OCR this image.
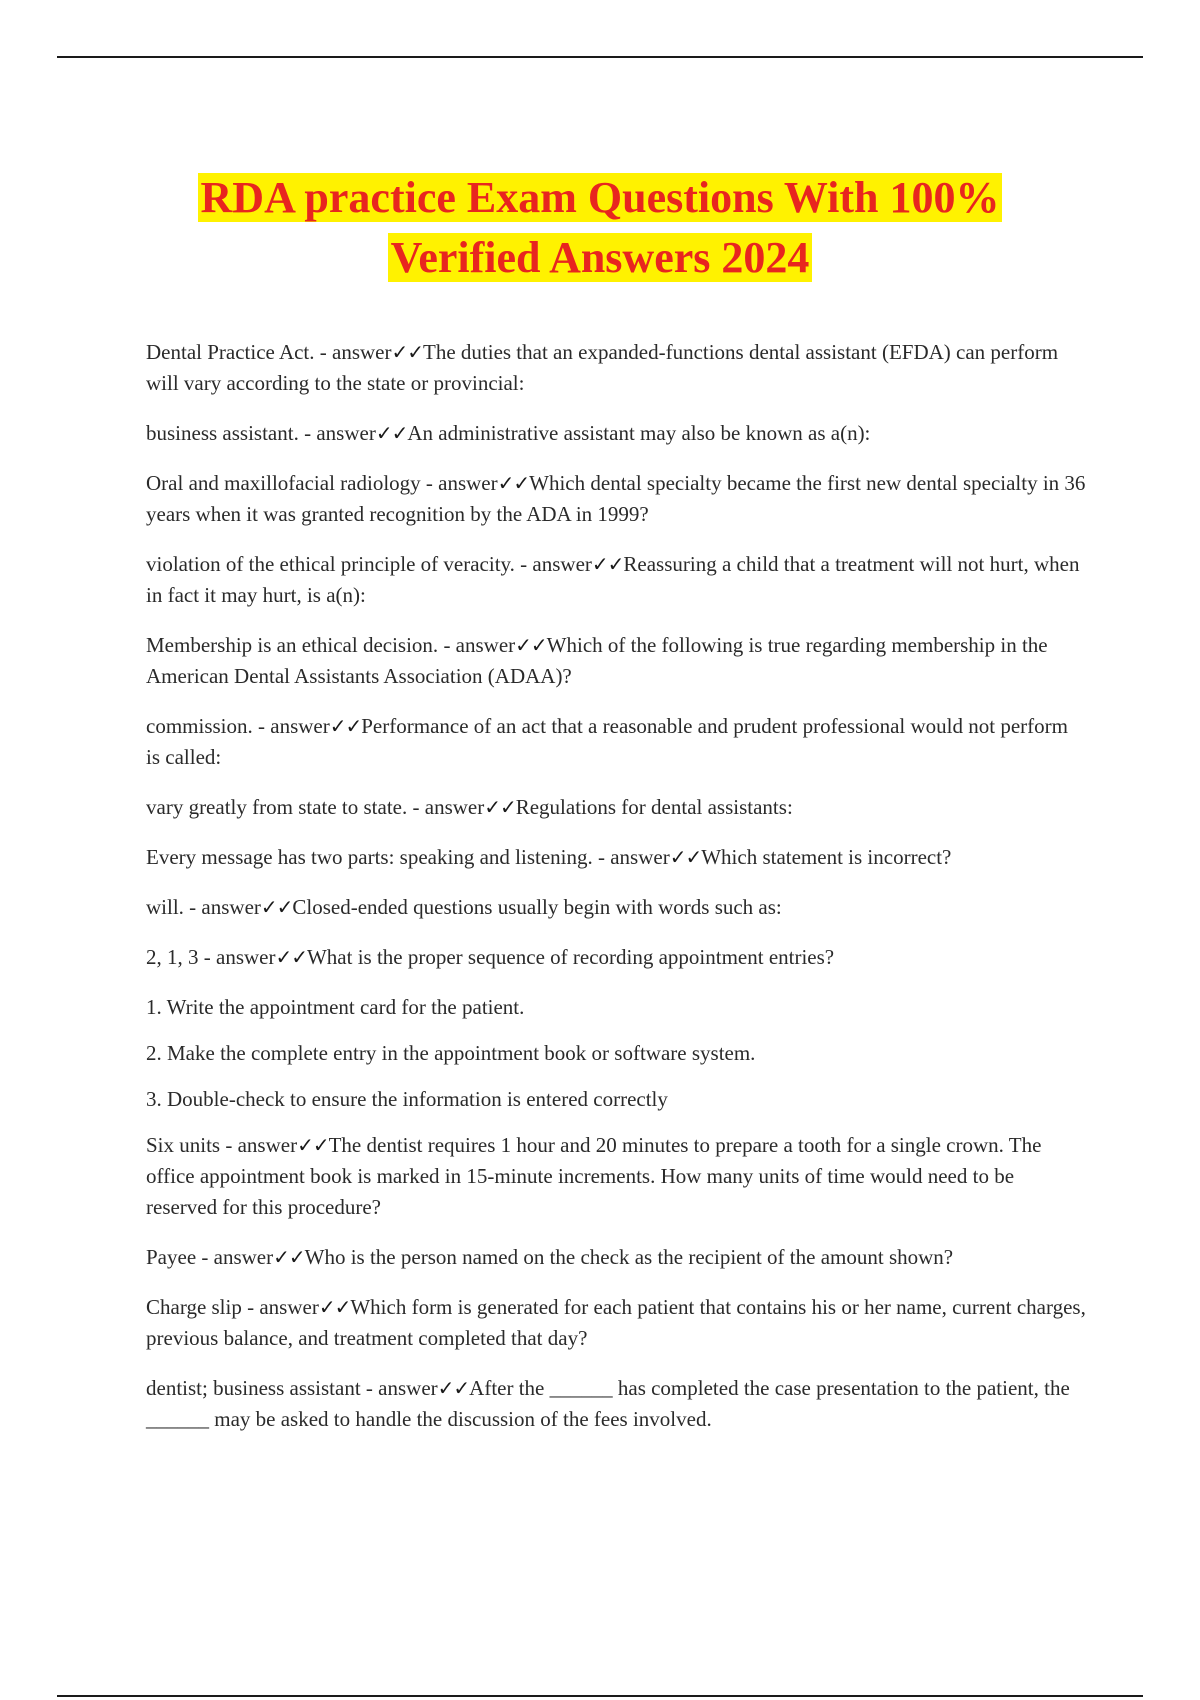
RDA practice Exam Questions With 100%
Verified Answers 2024

Dental Practice Act. - answer✓✓The duties that an expanded-functions dental assistant (EFDA) can perform will vary according to the state or provincial:

business assistant. - answer✓✓An administrative assistant may also be known as a(n):

Oral and maxillofacial radiology - answer✓✓Which dental specialty became the first new dental specialty in 36 years when it was granted recognition by the ADA in 1999?

violation of the ethical principle of veracity. - answer✓✓Reassuring a child that a treatment will not hurt, when in fact it may hurt, is a(n):

Membership is an ethical decision. - answer✓✓Which of the following is true regarding membership in the American Dental Assistants Association (ADAA)?

commission. - answer✓✓Performance of an act that a reasonable and prudent professional would not perform is called:

vary greatly from state to state. - answer✓✓Regulations for dental assistants:

Every message has two parts: speaking and listening. - answer✓✓Which statement is incorrect?

will. - answer✓✓Closed-ended questions usually begin with words such as:

2, 1, 3 - answer✓✓What is the proper sequence of recording appointment entries?

1. Write the appointment card for the patient.

2. Make the complete entry in the appointment book or software system.

3. Double-check to ensure the information is entered correctly

Six units - answer✓✓The dentist requires 1 hour and 20 minutes to prepare a tooth for a single crown. The office appointment book is marked in 15-minute increments. How many units of time would need to be reserved for this procedure?

Payee - answer✓✓Who is the person named on the check as the recipient of the amount shown?

Charge slip - answer✓✓Which form is generated for each patient that contains his or her name, current charges, previous balance, and treatment completed that day?

dentist; business assistant - answer✓✓After the ______ has completed the case presentation to the patient, the ______ may be asked to handle the discussion of the fees involved.
